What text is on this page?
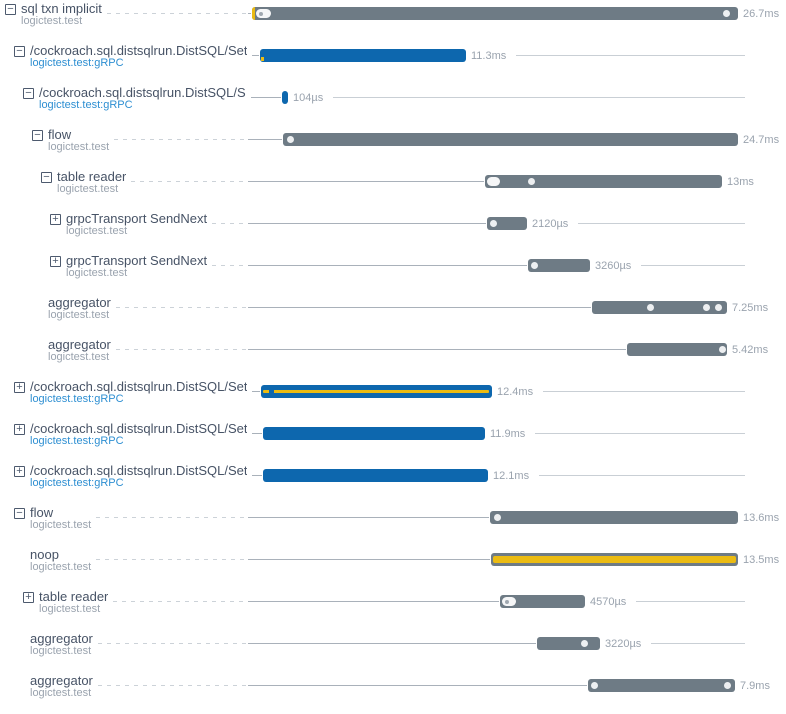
− sql txn implicit
logictest.test
26.7ms
− /cockroach.sql.distsqlrun.DistSQL/Set
logictest.test:gRPC
11.3ms
− /cockroach.sql.distsqlrun.DistSQL/S
logictest.test:gRPC
104µs
− flow
logictest.test
24.7ms
− table reader
logictest.test
13ms
+ grpcTransport SendNext
logictest.test
2120µs
+ grpcTransport SendNext
logictest.test
3260µs
aggregator
logictest.test
7.25ms
aggregator
logictest.test
5.42ms
+ /cockroach.sql.distsqlrun.DistSQL/Set
logictest.test:gRPC
12.4ms
+ /cockroach.sql.distsqlrun.DistSQL/Set
logictest.test:gRPC
11.9ms
+ /cockroach.sql.distsqlrun.DistSQL/Set
logictest.test:gRPC
12.1ms
− flow
logictest.test
13.6ms
noop
logictest.test
13.5ms
+ table reader
logictest.test
4570µs
aggregator
logictest.test
3220µs
aggregator
logictest.test
7.9ms
